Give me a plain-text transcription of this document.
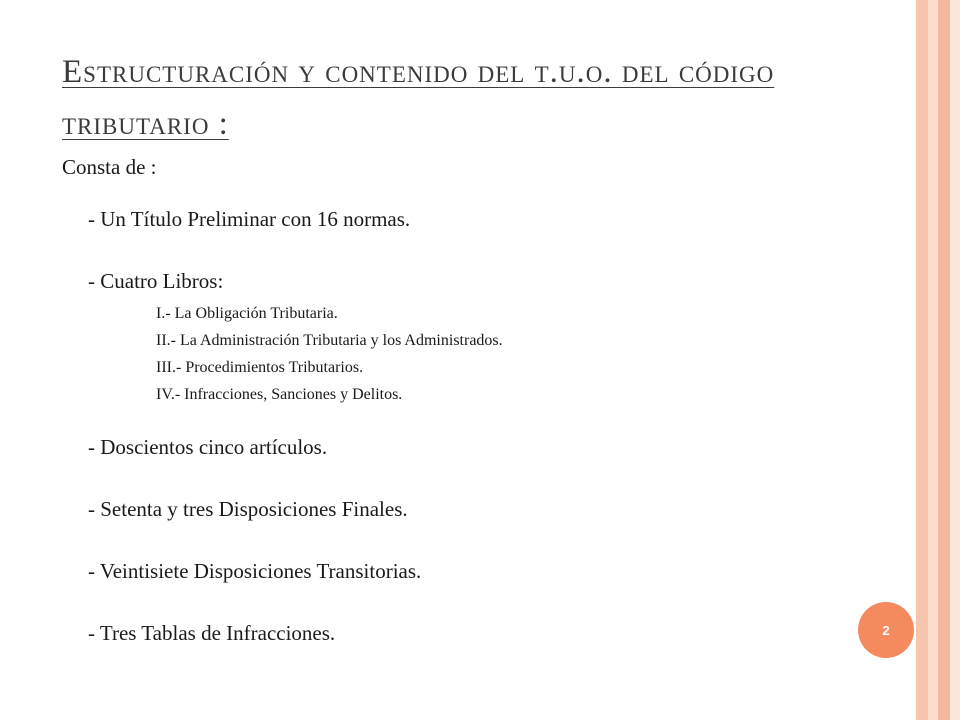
Estructuración y contenido del t.u.o. del código tributario :

Consta de :

- Un Título Preliminar con 16 normas.
- Cuatro Libros:
I.- La Obligación Tributaria.
II.- La Administración Tributaria y los Administrados.
III.- Procedimientos Tributarios.
IV.- Infracciones, Sanciones y Delitos.
- Doscientos cinco artículos.
- Setenta y tres Disposiciones Finales.
- Veintisiete Disposiciones Transitorias.
- Tres Tablas de Infracciones.	2
